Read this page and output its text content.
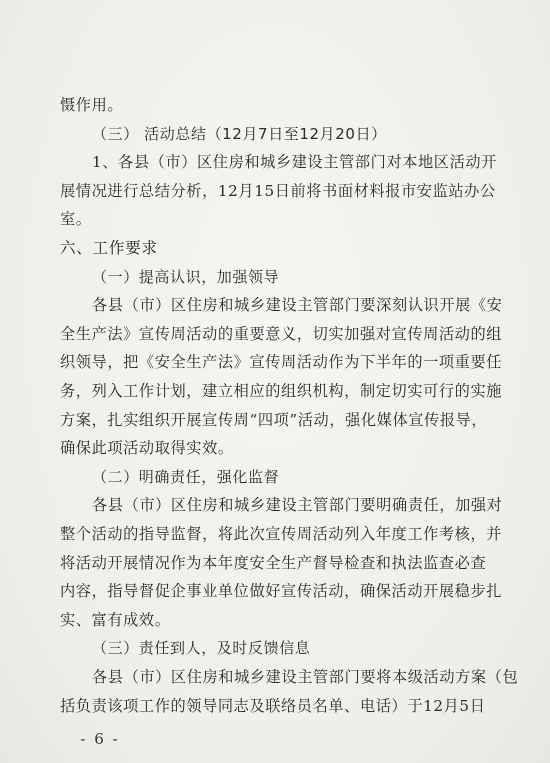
慑作用。
（三） 活动总结（12月7日至12月20日）
1、各县（市）区住房和城乡建设主管部门对本地区活动开
展情况进行总结分析，12月15日前将书面材料报市安监站办公
室。
六、工作要求
（一）提高认识，加强领导
各县（市）区住房和城乡建设主管部门要深刻认识开展《安
全生产法》宣传周活动的重要意义，切实加强对宣传周活动的组
织领导，把《安全生产法》宣传周活动作为下半年的一项重要任
务，列入工作计划，建立相应的组织机构，制定切实可行的实施
方案，扎实组织开展宣传周“四项”活动，强化媒体宣传报导，
确保此项活动取得实效。
（二）明确责任，强化监督
各县（市）区住房和城乡建设主管部门要明确责任，加强对
整个活动的指导监督，将此次宣传周活动列入年度工作考核，并
将活动开展情况作为本年度安全生产督导检查和执法监查必查
内容，指导督促企事业单位做好宣传活动，确保活动开展稳步扎
实、富有成效。
（三）责任到人，及时反馈信息
各县（市）区住房和城乡建设主管部门要将本级活动方案（包
括负责该项工作的领导同志及联络员名单、电话）于12月5日
- 6 -
